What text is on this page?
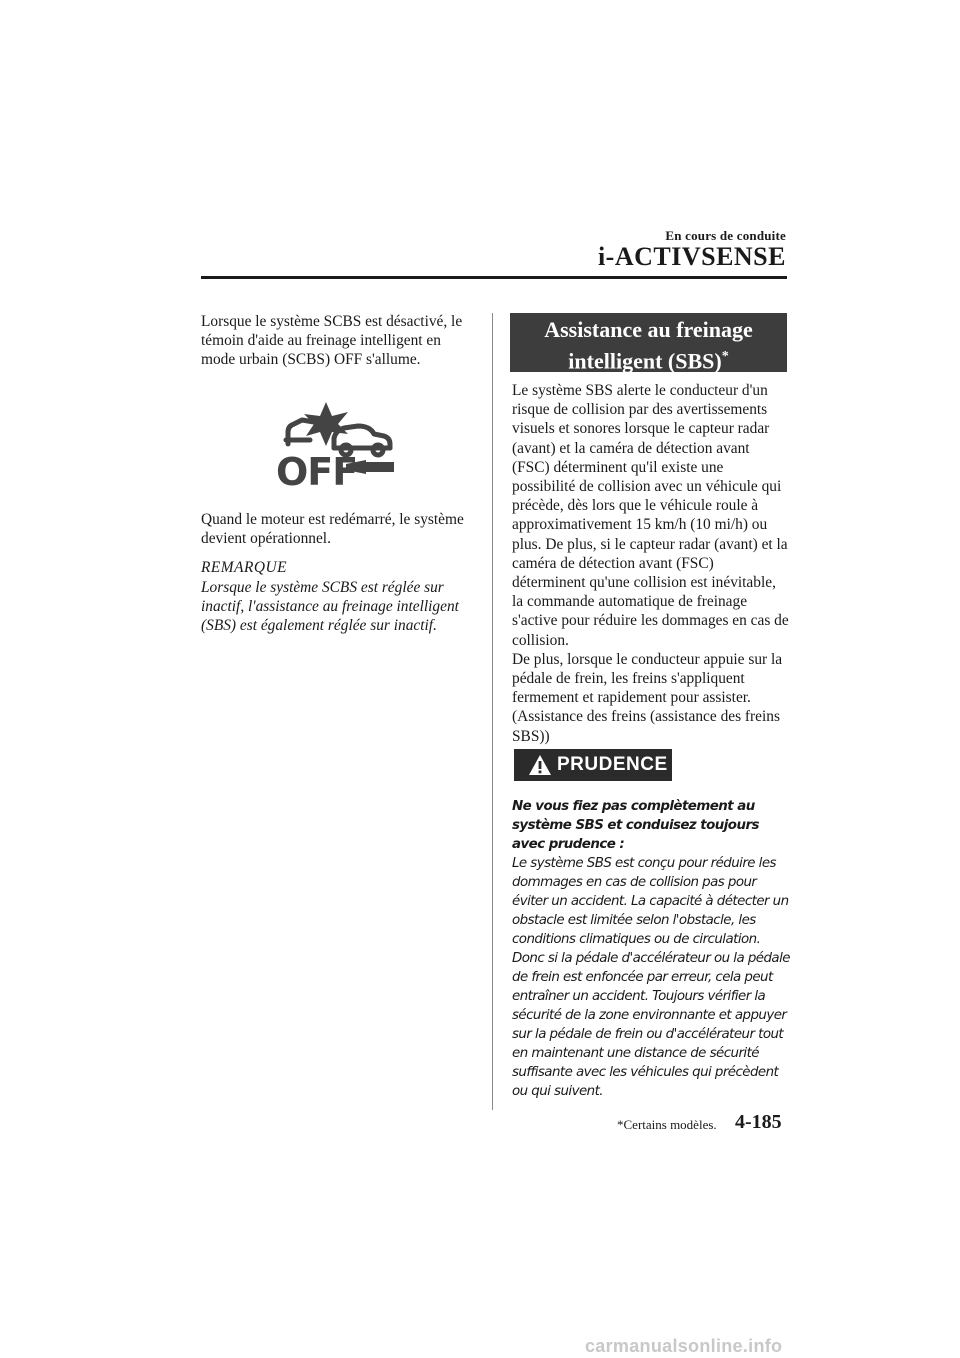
En cours de conduite
i-ACTIVSENSE

Lorsque le système SCBS est désactivé, le témoin d'aide au freinage intelligent en mode urbain (SCBS) OFF s'allume.

OFF

Quand le moteur est redémarré, le système devient opérationnel.

REMARQUE

Lorsque le système SCBS est réglée sur inactif, l'assistance au freinage intelligent (SBS) est également réglée sur inactif.

Assistance au freinage
intelligent (SBS)*

Le système SBS alerte le conducteur d'un risque de collision par des avertissements visuels et sonores lorsque le capteur radar (avant) et la caméra de détection avant (FSC) déterminent qu'il existe une possibilité de collision avec un véhicule qui précède, dès lors que le véhicule roule à approximativement 15 km/h (10 mi/h) ou plus. De plus, si le capteur radar (avant) et la caméra de détection avant (FSC) déterminent qu'une collision est inévitable, la commande automatique de freinage s'active pour réduire les dommages en cas de collision.

De plus, lorsque le conducteur appuie sur la pédale de frein, les freins s'appliquent fermement et rapidement pour assister. (Assistance des freins (assistance des freins SBS))

PRUDENCE

Ne vous fiez pas complètement au système SBS et conduisez toujours avec prudence :

Le système SBS est conçu pour réduire les dommages en cas de collision pas pour éviter un accident. La capacité à détecter un obstacle est limitée selon l'obstacle, les conditions climatiques ou de circulation. Donc si la pédale d'accélérateur ou la pédale de frein est enfoncée par erreur, cela peut entraîner un accident. Toujours vérifier la sécurité de la zone environnante et appuyer sur la pédale de frein ou d'accélérateur tout en maintenant une distance de sécurité suffisante avec les véhicules qui précèdent ou qui suivent.

*Certains modèles. 4-185
carmanualsonline.info
